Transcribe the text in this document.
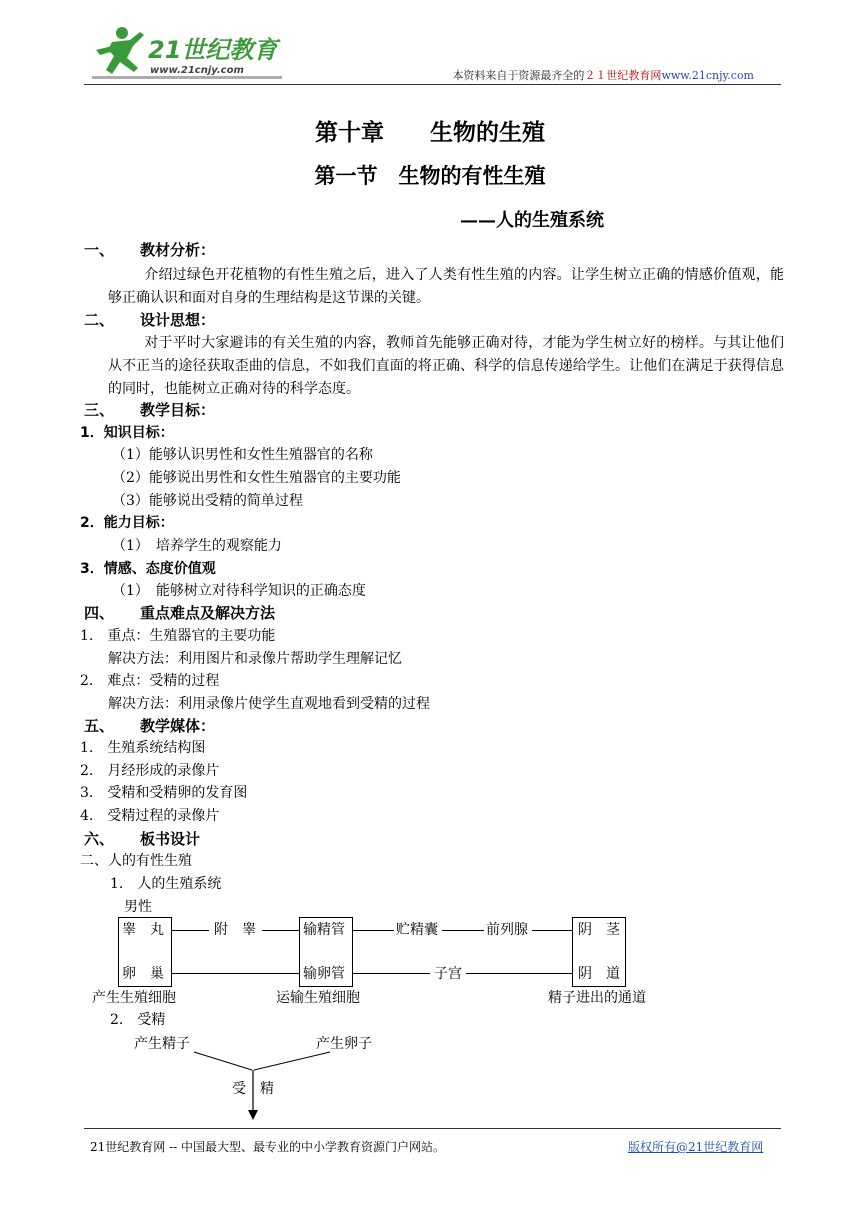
21世纪教育
www.21cnjy.com	本资料来自于资源最齐全的２１世纪教育网www.21cnjy.com
第十章　　生物的生殖
第一节　生物的有性生殖
——人的生殖系统
一、 教材分析：
介绍过绿色开花植物的有性生殖之后，进入了人类有性生殖的内容。让学生树立正确的情感价值观，能够正确认识和面对自身的生理结构是这节课的关键。
二、 设计思想：
对于平时大家避讳的有关生殖的内容，教师首先能够正确对待，才能为学生树立好的榜样。与其让他们从不正当的途径获取歪曲的信息，不如我们直面的将正确、科学的信息传递给学生。让他们在满足于获得信息的同时，也能树立正确对待的科学态度。
三、 教学目标：
1．知识目标：
（1）能够认识男性和女性生殖器官的名称
（2）能够说出男性和女性生殖器官的主要功能
（3）能够说出受精的简单过程
2．能力目标：
（1）　培养学生的观察能力
3．情感、态度价值观
（1）　能够树立对待科学知识的正确态度
四、 重点难点及解决方法
1.　重点：生殖器官的主要功能
　　解决方法：利用图片和录像片帮助学生理解记忆
2.　难点：受精的过程
　　解决方法：利用录像片使学生直观地看到受精的过程
五、 教学媒体：
1.　生殖系统结构图
2.　月经形成的录像片
3.　受精和受精卵的发育图
4.　受精过程的录像片
六、 板书设计
二、人的有性生殖
1.　人的生殖系统
男性
睾　丸
卵　巢
附　睾	输精管
输卵管
贮精囊	前列腺
子宫
阴　茎
阴　道
产生生殖细胞	运输生殖细胞	精子进出的通道
2.　受精
产生精子	产生卵子
受 精
21世纪教育网 -- 中国最大型、最专业的中小学教育资源门户网站。	版权所有@21世纪教育网
